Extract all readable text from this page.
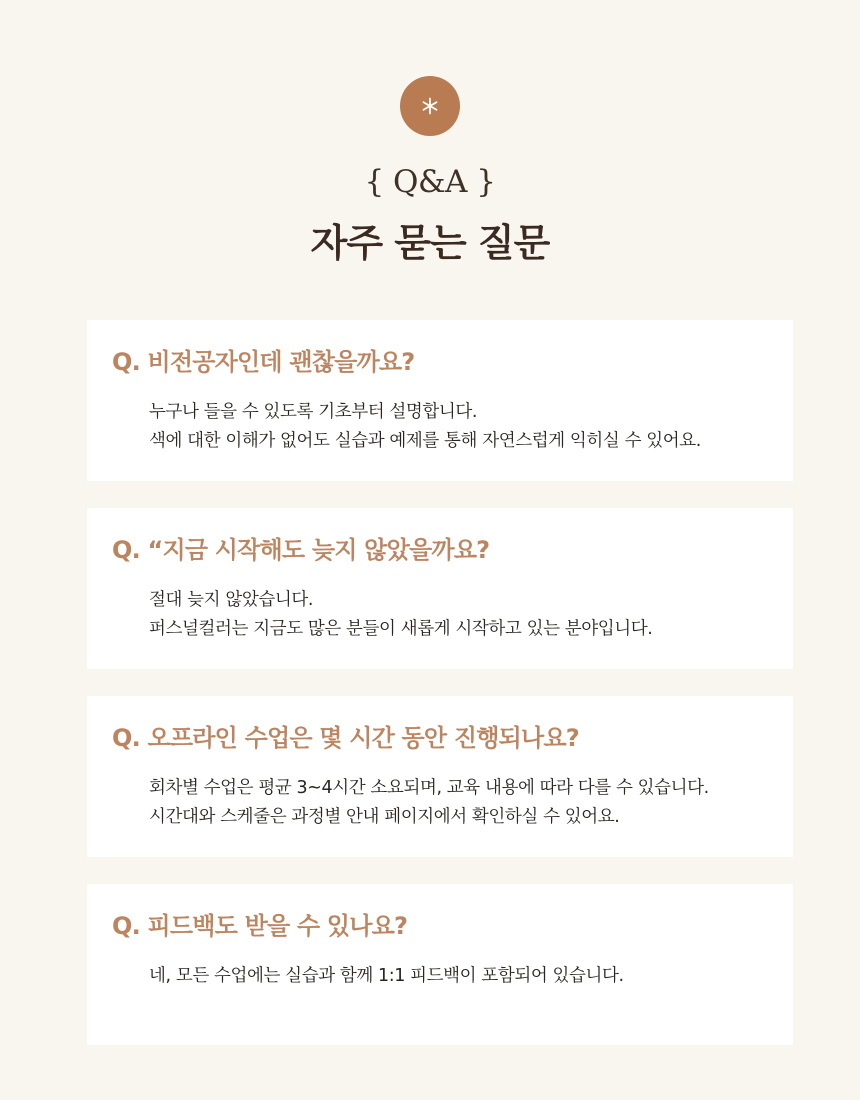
{ Q&A }
자주 묻는 질문
Q. 비전공자인데 괜찮을까요?
누구나 들을 수 있도록 기초부터 설명합니다.
색에 대한 이해가 없어도 실습과 예제를 통해 자연스럽게 익히실 수 있어요.
Q. “지금 시작해도 늦지 않았을까요?
절대 늦지 않았습니다.
퍼스널컬러는 지금도 많은 분들이 새롭게 시작하고 있는 분야입니다.
Q. 오프라인 수업은 몇 시간 동안 진행되나요?
회차별 수업은 평균 3~4시간 소요되며, 교육 내용에 따라 다를 수 있습니다.
시간대와 스케줄은 과정별 안내 페이지에서 확인하실 수 있어요.
Q. 피드백도 받을 수 있나요?
네, 모든 수업에는 실습과 함께 1:1 피드백이 포함되어 있습니다.
